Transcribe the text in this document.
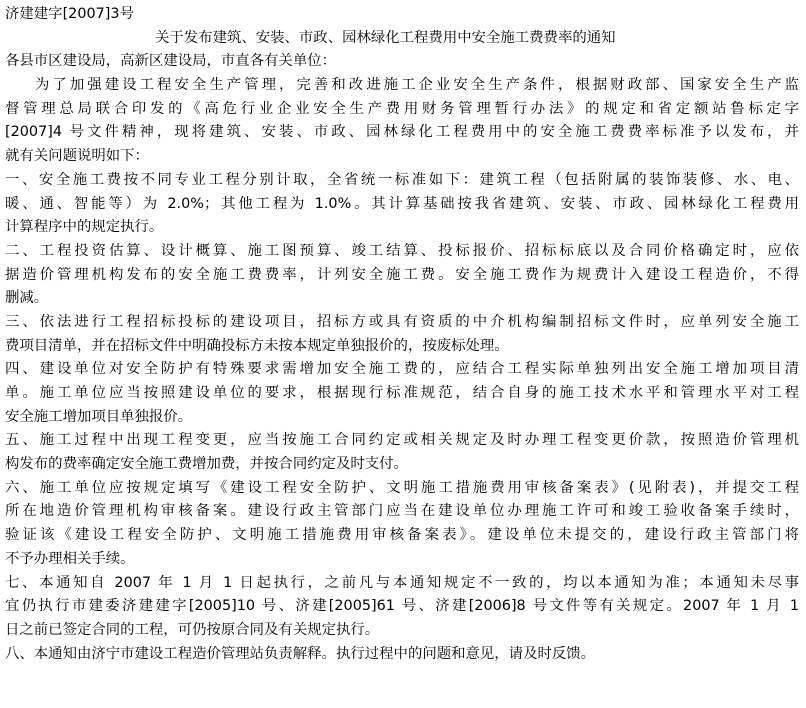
济建建字[2007]3号
关于发布建筑、安装、市政、园林绿化工程费用中安全施工费费率的通知
各县市区建设局，高新区建设局，市直各有关单位：
为了加强建设工程安全生产管理，完善和改进施工企业安全生产条件，根据财政部、国家安全生产监
督管理总局联合印发的《高危行业企业安全生产费用财务管理暂行办法》的规定和省定额站鲁标定字
[2007]4 号文件精神，现将建筑、安装、市政、园林绿化工程费用中的安全施工费费率标准予以发布，并
就有关问题说明如下：
一、安全施工费按不同专业工程分别计取，全省统一标准如下：建筑工程（包括附属的装饰装修、水、电、
暖、通、智能等）为 2.0%；其他工程为 1.0%。其计算基础按我省建筑、安装、市政、园林绿化工程费用
计算程序中的规定执行。
二、工程投资估算、设计概算、施工图预算、竣工结算、投标报价、招标标底以及合同价格确定时，应依
据造价管理机构发布的安全施工费费率，计列安全施工费。安全施工费作为规费计入建设工程造价，不得
删减。
三、依法进行工程招标投标的建设项目，招标方或具有资质的中介机构编制招标文件时，应单列安全施工
费项目清单，并在招标文件中明确投标方未按本规定单独报价的，按废标处理。
四、建设单位对安全防护有特殊要求需增加安全施工费的，应结合工程实际单独列出安全施工增加项目清
单。施工单位应当按照建设单位的要求，根据现行标准规范，结合自身的施工技术水平和管理水平对工程
安全施工增加项目单独报价。
五、施工过程中出现工程变更，应当按施工合同约定或相关规定及时办理工程变更价款，按照造价管理机
构发布的费率确定安全施工费增加费，并按合同约定及时支付。
六、施工单位应按规定填写《建设工程安全防护、文明施工措施费用审核备案表》(见附表)，并提交工程
所在地造价管理机构审核备案。建设行政主管部门应当在建设单位办理施工许可和竣工验收备案手续时，
验证该《建设工程安全防护、文明施工措施费用审核备案表》。建设单位未提交的，建设行政主管部门将
不予办理相关手续。
七、本通知自 2007 年 1 月 1 日起执行，之前凡与本通知规定不一致的，均以本通知为准；本通知未尽事
宜仍执行市建委济建建字[2005]10 号、济建[2005]61 号、济建[2006]8 号文件等有关规定。2007 年 1 月 1
日之前已签定合同的工程，可仍按原合同及有关规定执行。
八、本通知由济宁市建设工程造价管理站负责解释。执行过程中的问题和意见，请及时反馈。
